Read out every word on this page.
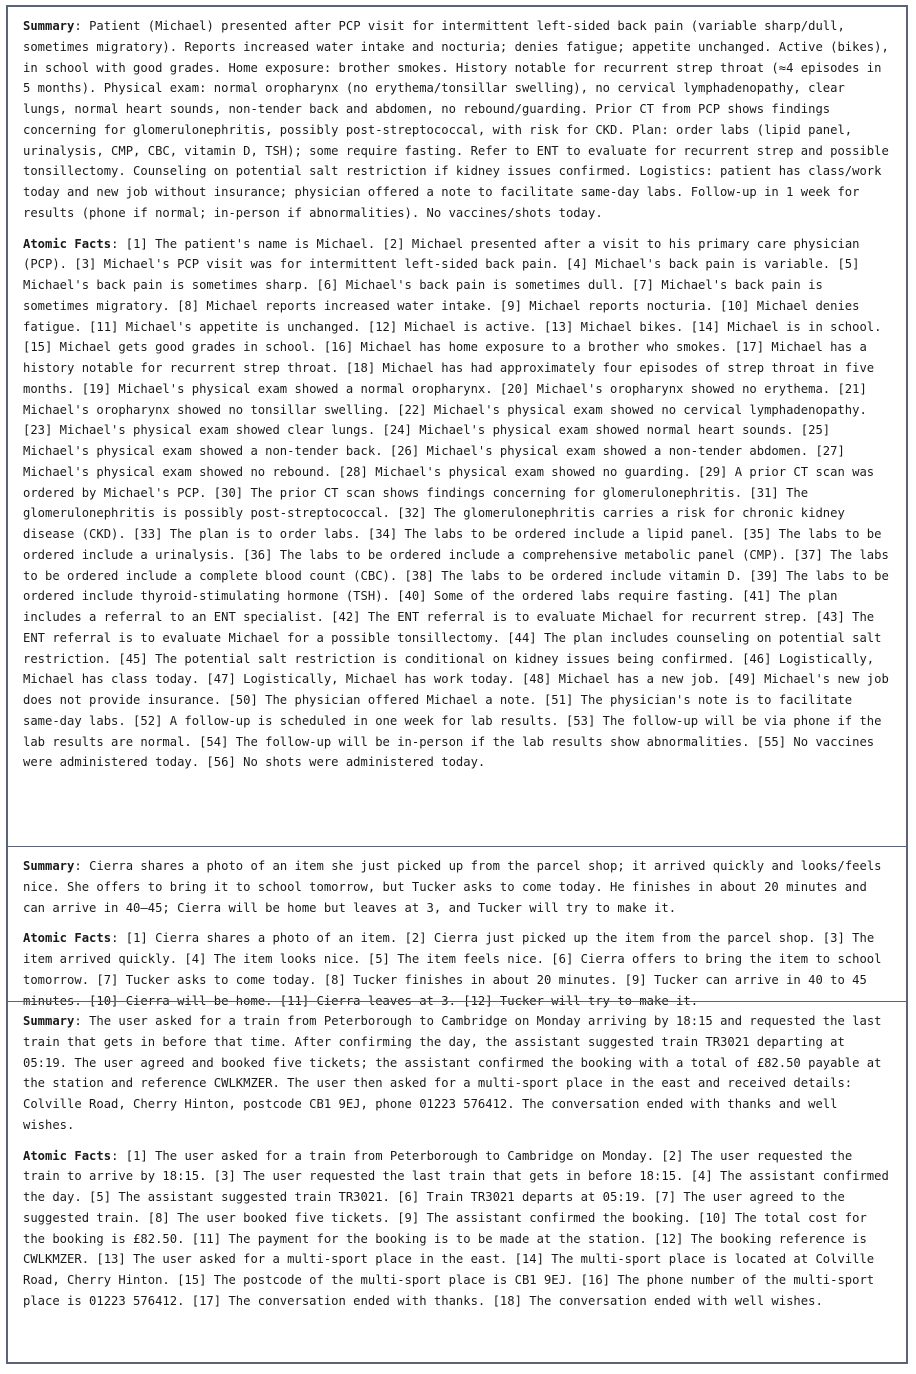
Summary: Patient (Michael) presented after PCP visit for intermittent left-sided back pain (variable sharp/dull, sometimes migratory). Reports increased water intake and nocturia; denies fatigue; appetite unchanged. Active (bikes), in school with good grades. Home exposure: brother smokes. History notable for recurrent strep throat (≈4 episodes in 5 months). Physical exam: normal oropharynx (no erythema/tonsillar swelling), no cervical lymphadenopathy, clear lungs, normal heart sounds, non-tender back and abdomen, no rebound/guarding. Prior CT from PCP shows findings concerning for glomerulonephritis, possibly post-streptococcal, with risk for CKD. Plan: order labs (lipid panel, urinalysis, CMP, CBC, vitamin D, TSH); some require fasting. Refer to ENT to evaluate for recurrent strep and possible tonsillectomy. Counseling on potential salt restriction if kidney issues confirmed. Logistics: patient has class/work today and new job without insurance; physician offered a note to facilitate same-day labs. Follow-up in 1 week for results (phone if normal; in-person if abnormalities). No vaccines/shots today.

Atomic Facts: [1] The patient's name is Michael. [2] Michael presented after a visit to his primary care physician (PCP). [3] Michael's PCP visit was for intermittent left-sided back pain. [4] Michael's back pain is variable. [5] Michael's back pain is sometimes sharp. [6] Michael's back pain is sometimes dull. [7] Michael's back pain is sometimes migratory. [8] Michael reports increased water intake. [9] Michael reports nocturia. [10] Michael denies fatigue. [11] Michael's appetite is unchanged. [12] Michael is active. [13] Michael bikes. [14] Michael is in school. [15] Michael gets good grades in school. [16] Michael has home exposure to a brother who smokes. [17] Michael has a history notable for recurrent strep throat. [18] Michael has had approximately four episodes of strep throat in five months. [19] Michael's physical exam showed a normal oropharynx. [20] Michael's oropharynx showed no erythema. [21] Michael's oropharynx showed no tonsillar swelling. [22] Michael's physical exam showed no cervical lymphadenopathy. [23] Michael's physical exam showed clear lungs. [24] Michael's physical exam showed normal heart sounds. [25] Michael's physical exam showed a non-tender back. [26] Michael's physical exam showed a non-tender abdomen. [27] Michael's physical exam showed no rebound. [28] Michael's physical exam showed no guarding. [29] A prior CT scan was ordered by Michael's PCP. [30] The prior CT scan shows findings concerning for glomerulonephritis. [31] The glomerulonephritis is possibly post-streptococcal. [32] The glomerulonephritis carries a risk for chronic kidney disease (CKD). [33] The plan is to order labs. [34] The labs to be ordered include a lipid panel. [35] The labs to be ordered include a urinalysis. [36] The labs to be ordered include a comprehensive metabolic panel (CMP). [37] The labs to be ordered include a complete blood count (CBC). [38] The labs to be ordered include vitamin D. [39] The labs to be ordered include thyroid-stimulating hormone (TSH). [40] Some of the ordered labs require fasting. [41] The plan includes a referral to an ENT specialist. [42] The ENT referral is to evaluate Michael for recurrent strep. [43] The ENT referral is to evaluate Michael for a possible tonsillectomy. [44] The plan includes counseling on potential salt restriction. [45] The potential salt restriction is conditional on kidney issues being confirmed. [46] Logistically, Michael has class today. [47] Logistically, Michael has work today. [48] Michael has a new job. [49] Michael's new job does not provide insurance. [50] The physician offered Michael a note. [51] The physician's note is to facilitate same-day labs. [52] A follow-up is scheduled in one week for lab results. [53] The follow-up will be via phone if the lab results are normal. [54] The follow-up will be in-person if the lab results show abnormalities. [55] No vaccines were administered today. [56] No shots were administered today.

Summary: Cierra shares a photo of an item she just picked up from the parcel shop; it arrived quickly and looks/feels nice. She offers to bring it to school tomorrow, but Tucker asks to come today. He finishes in about 20 minutes and can arrive in 40–45; Cierra will be home but leaves at 3, and Tucker will try to make it.

Atomic Facts: [1] Cierra shares a photo of an item. [2] Cierra just picked up the item from the parcel shop. [3] The item arrived quickly. [4] The item looks nice. [5] The item feels nice. [6] Cierra offers to bring the item to school tomorrow. [7] Tucker asks to come today. [8] Tucker finishes in about 20 minutes. [9] Tucker can arrive in 40 to 45 minutes. [10] Cierra will be home. [11] Cierra leaves at 3. [12] Tucker will try to make it.

Summary: The user asked for a train from Peterborough to Cambridge on Monday arriving by 18:15 and requested the last train that gets in before that time. After confirming the day, the assistant suggested train TR3021 departing at 05:19. The user agreed and booked five tickets; the assistant confirmed the booking with a total of £82.50 payable at the station and reference CWLKMZER. The user then asked for a multi-sport place in the east and received details: Colville Road, Cherry Hinton, postcode CB1 9EJ, phone 01223 576412. The conversation ended with thanks and well wishes.

Atomic Facts: [1] The user asked for a train from Peterborough to Cambridge on Monday. [2] The user requested the train to arrive by 18:15. [3] The user requested the last train that gets in before 18:15. [4] The assistant confirmed the day. [5] The assistant suggested train TR3021. [6] Train TR3021 departs at 05:19. [7] The user agreed to the suggested train. [8] The user booked five tickets. [9] The assistant confirmed the booking. [10] The total cost for the booking is £82.50. [11] The payment for the booking is to be made at the station. [12] The booking reference is CWLKMZER. [13] The user asked for a multi-sport place in the east. [14] The multi-sport place is located at Colville Road, Cherry Hinton. [15] The postcode of the multi-sport place is CB1 9EJ. [16] The phone number of the multi-sport place is 01223 576412. [17] The conversation ended with thanks. [18] The conversation ended with well wishes.
